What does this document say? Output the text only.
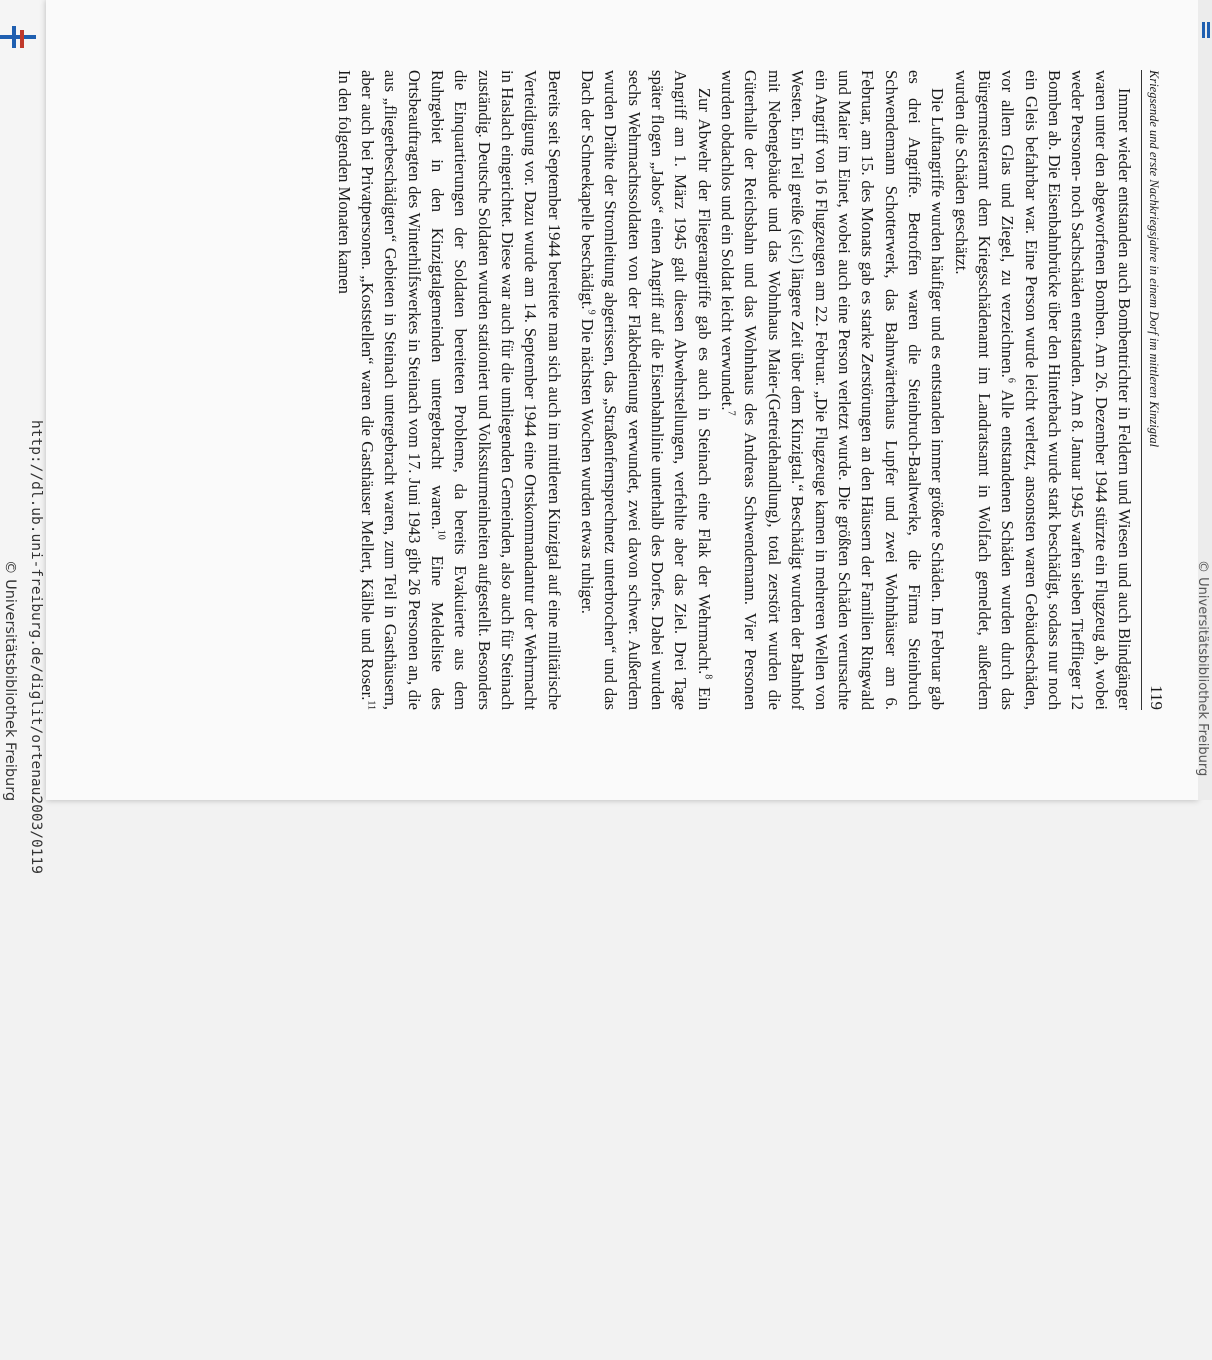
Kriegsende und erste Nachkriegsjahre in einem Dorf im mittleren Kinzigtal
119

Immer wieder entstanden auch Bombentrichter in Feldern und Wiesen und auch Blindgänger waren unter den abgeworfenen Bomben. Am 26. Dezember 1944 stürzte ein Flugzeug ab, wobei weder Personen- noch Sachschäden entstanden. Am 8. Januar 1945 warfen sieben Tiefflieger 12 Bomben ab. Die Eisenbahnbrücke über den Hinterbach wurde stark beschädigt, sodass nur noch ein Gleis befahrbar war. Eine Person wurde leicht verletzt, ansonsten waren Gebäudeschäden, vor allem Glas und Ziegel, zu verzeichnen.$^6$ Alle entstandenen Schäden wurden durch das Bürgermeisteramt dem Kriegsschädenamt im Landratsamt in Wolfach gemeldet, außerdem wurden die Schäden geschätzt.

Die Luftangriffe wurden häufiger und es entstanden immer größere Schäden. Im Februar gab es drei Angriffe. Betroffen waren die Steinbruch-Baaltwerke, die Firma Steinbruch Schwendemann Schotterwerk, das Bahnwärterhaus Lupfer und zwei Wohnhäuser am 6. Februar, am 15. des Monats gab es starke Zerstörungen an den Häusern der Familien Ringwald und Maier im Einet, wobei auch eine Person verletzt wurde. Die größten Schäden verursachte ein Angriff von 16 Flugzeugen am 22. Februar. „Die Flugzeuge kamen in mehreren Wellen von Westen. Ein Teil greiße (sic!) längere Zeit über dem Kinzigtal.“ Beschädigt wurden der Bahnhof mit Nebengebäude und das Wohnhaus Maier-(Getreidehandlung), total zerstört wurden die Güterhalle der Reichsbahn und das Wohnhaus des Andreas Schwendemann. Vier Personen wurden obdachlos und ein Soldat leicht verwundet.$^7$

Zur Abwehr der Fliegerangriffe gab es auch in Steinach eine Flak der Wehrmacht.$^8$ Ein Angriff am 1. März 1945 galt diesen Abwehrstellungen, verfehlte aber das Ziel. Drei Tage später flogen „Jabos“ einen Angriff auf die Eisenbahnlinie unterhalb des Dorfes. Dabei wurden sechs Wehrmachtssoldaten von der Flakbedienung verwundet, zwei davon schwer. Außerdem wurden Drähte der Stromleitung abgerissen, das „Straßenfernsprechnetz unterbrochen“ und das Dach der Schneekapelle beschädigt.$^9$ Die nächsten Wochen wurden etwas ruhiger.

Bereits seit September 1944 bereitete man sich auch im mittleren Kinzigtal auf eine militärische Verteidigung vor. Dazu wurde am 14. September 1944 eine Ortskommandantur der Wehrmacht in Haslach eingerichtet. Diese war auch für die umliegenden Gemeinden, also auch für Steinach zuständig. Deutsche Soldaten wurden stationiert und Volkssturmeinheiten aufgestellt. Besonders die Einquartierungen der Soldaten bereiteten Probleme, da bereits Evakuierte aus dem Ruhrgebiet in den Kinzigtalgemeinden untergebracht waren.$^{10}$ Eine Meldeliste des Ortsbeauftragten des Winterhilfswerkes in Steinach vom 17. Juni 1943 gibt 26 Personen an, die aus „fliegerbeschädigten“ Gebieten in Steinach untergebracht waren, zum Teil in Gasthäusern, aber auch bei Privatpersonen. „Koststellen“ waren die Gasthäuser Mellert, Kälble und Roser.$^{11}$ In den folgenden Monaten kamen

http://dl.ub.uni-freiburg.de/diglit/ortenau2003/0119
© Universitätsbibliothek Freiburg	© Universitätsbibliothek Freiburg
